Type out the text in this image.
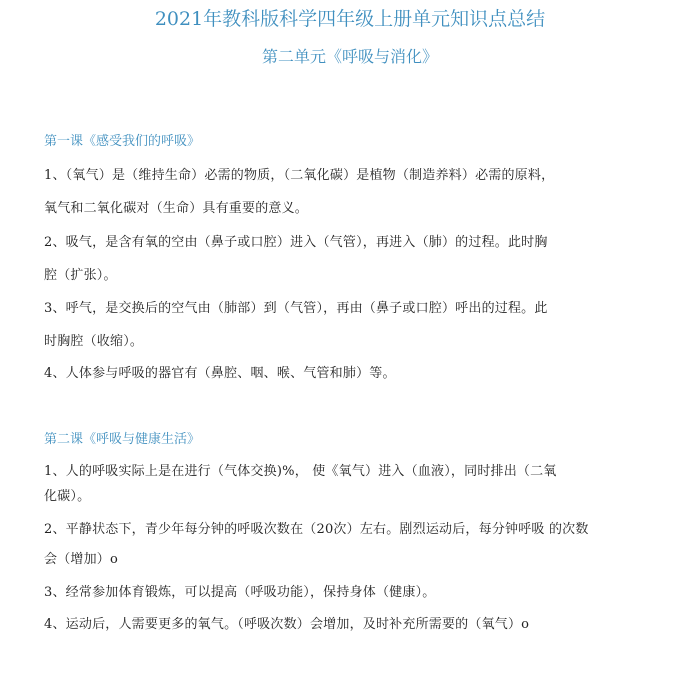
2021年教科版科学四年级上册单元知识点总结
第二单元《呼吸与消化》
第一课《感受我们的呼吸》
1、（氧气）是（维持生命）必需的物质，（二氧化碳）是植物（制造养料）必需的原料，
氧气和二氧化碳对（生命）具有重要的意义。
2、吸气，是含有氧的空由（鼻子或口腔）进入（气管），再进入（肺）的过程。此时胸
腔（扩张）。
3、呼气，是交换后的空气由（肺部）到（气管），再由（鼻子或口腔）呼出的过程。此
时胸腔（收缩）。
4、人体参与呼吸的器官有（鼻腔、咽、喉、气管和肺）等。
第二课《呼吸与健康生活》
1、人的呼吸实际上是在进行（气体交换)%， 使《氧气）进入（血液），同时排出（二氧
化碳）。
2、平静状态下，青少年每分钟的呼吸次数在（20次）左右。剧烈运动后，每分钟呼吸 的次数
会（增加）o
3、经常参加体育锻炼，可以提高（呼吸功能），保持身体（健康）。
4、运动后，人需要更多的氧气。（呼吸次数）会增加，及时补充所需要的（氧气）o
